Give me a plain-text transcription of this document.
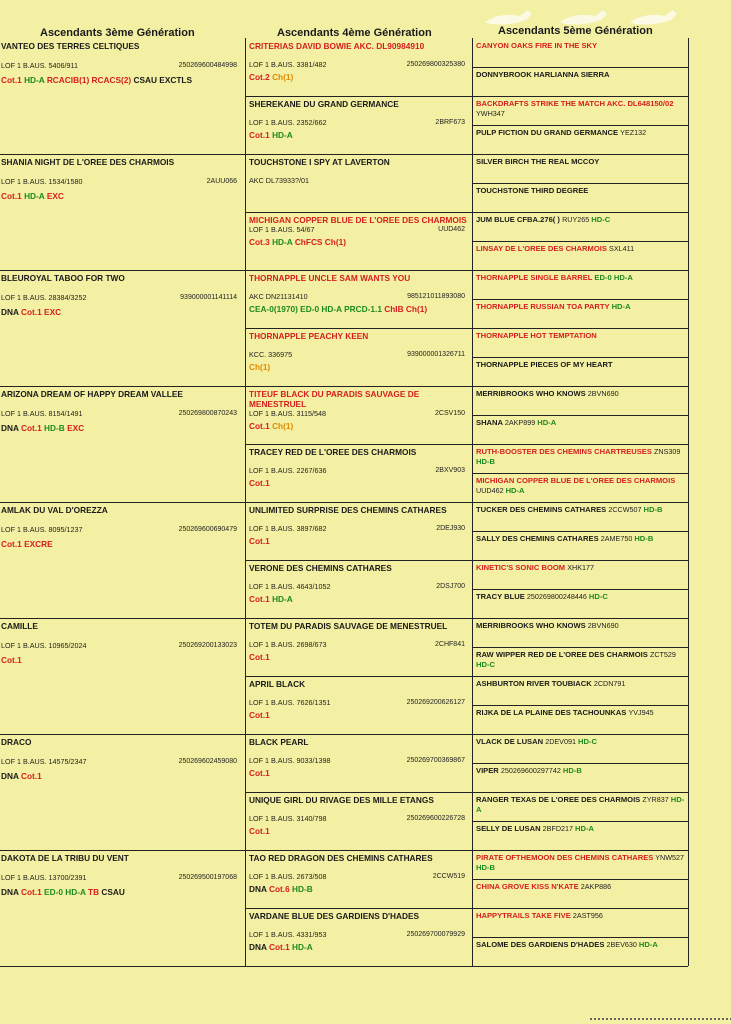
Ascendants 3ème Génération	Ascendants 4ème Génération	Ascendants 5ème Génération
VANTEO DES TERRES CELTIQUES
LOF 1 B.AUS. 5406/911	250269600484998
Cot.1 HD-A RCACIB(1) RCACS(2) CSAU EXCTLS
SHANIA NIGHT DE L'OREE DES CHARMOIS
LOF 1 B.AUS. 1534/1580	2AUU066
Cot.1 HD-A EXC
BLEUROYAL TABOO FOR TWO
LOF 1 B.AUS. 28384/3252	939000001141114
DNA Cot.1 EXC
ARIZONA DREAM OF HAPPY DREAM VALLEE
LOF 1 B.AUS. 8154/1491	250269800870243
DNA Cot.1 HD-B EXC
AMLAK DU VAL D'OREZZA
LOF 1 B.AUS. 8095/1237	250269600690479
Cot.1 EXCRE
CAMILLE
LOF 1 B.AUS. 10965/2024	250269200133023
Cot.1
DRACO
LOF 1 B.AUS. 14575/2347	250269602459080
DNA Cot.1
DAKOTA DE LA TRIBU DU VENT
LOF 1 B.AUS. 13700/2391	250269500197068
DNA Cot.1 ED-0 HD-A TB CSAU
CRITERIAS DAVID BOWIE AKC. DL90984910
LOF 1 B.AUS. 3381/482	250269800325380
Cot.2 Ch(1)
SHEREKANE DU GRAND GERMANCE
LOF 1 B.AUS. 2352/662	2BRF673
Cot.1 HD-A
TOUCHSTONE I SPY AT LAVERTON
AKC DL73933?/01
MICHIGAN COPPER BLUE DE L'OREE DES CHARMOIS
LOF 1 B.AUS. 54/67	UUD462
Cot.3 HD-A ChFCS Ch(1)
THORNAPPLE UNCLE SAM WANTS YOU
AKC DN21131410	985121011893080
CEA-0(1970) ED-0 HD-A PRCD-1.1 ChIB Ch(1)
THORNAPPLE PEACHY KEEN
KCC. 336975	939000001326711
Ch(1)
TITEUF BLACK DU PARADIS SAUVAGE DE MENESTRUEL
LOF 1 B.AUS. 3115/548	2CSV150
Cot.1 Ch(1)
TRACEY RED DE L'OREE DES CHARMOIS
LOF 1 B.AUS. 2267/636	2BXV903
Cot.1
UNLIMITED SURPRISE DES CHEMINS CATHARES
LOF 1 B.AUS. 3897/682	2DEJ930
Cot.1
VERONE DES CHEMINS CATHARES
LOF 1 B.AUS. 4643/1052	2DSJ700
Cot.1 HD-A
TOTEM DU PARADIS SAUVAGE DE MENESTRUEL
LOF 1 B.AUS. 2698/673	2CHF841
Cot.1
APRIL BLACK
LOF 1 B.AUS. 7626/1351	250269200626127
Cot.1
BLACK PEARL
LOF 1 B.AUS. 9033/1398	250269700369867
Cot.1
UNIQUE GIRL DU RIVAGE DES MILLE ETANGS
LOF 1 B.AUS. 3140/798	250269600226728
Cot.1
TAO RED DRAGON DES CHEMINS CATHARES
LOF 1 B.AUS. 2673/508	2CCW519
DNA Cot.6 HD-B
VARDANE BLUE DES GARDIENS D'HADES
LOF 1 B.AUS. 4331/953	250269700079929
DNA Cot.1 HD-A
CANYON OAKS FIRE IN THE SKY
DONNYBROOK HARLIANNA SIERRA
BACKDRAFTS STRIKE THE MATCH AKC. DL648150/02 YWH347
PULP FICTION DU GRAND GERMANCE YEZ132
SILVER BIRCH THE REAL MCCOY
TOUCHSTONE THIRD DEGREE
JUM BLUE CFBA.276( ) RUY265 HD-C
LINSAY DE L'OREE DES CHARMOIS SXL411
THORNAPPLE SINGLE BARREL ED-0 HD-A
THORNAPPLE RUSSIAN TOA PARTY HD-A
THORNAPPLE HOT TEMPTATION
THORNAPPLE PIECES OF MY HEART
MERRIBROOKS WHO KNOWS 2BVN690
SHANA 2AKP899 HD-A
RUTH-BOOSTER DES CHEMINS CHARTREUSES ZNS309 HD-B
MICHIGAN COPPER BLUE DE L'OREE DES CHARMOIS UUD462 HD-A
TUCKER DES CHEMINS CATHARES 2CCW507 HD-B
SALLY DES CHEMINS CATHARES 2AME750 HD-B
KINETIC'S SONIC BOOM XHK177
TRACY BLUE 250269800248446 HD-C
MERRIBROOKS WHO KNOWS 2BVN690
RAW WIPPER RED DE L'OREE DES CHARMOIS ZCT529 HD-C
ASHBURTON RIVER TOUBIACK 2CDN791
RIJKA DE LA PLAINE DES TACHOUNKAS YVJ945
VLACK DE LUSAN 2DEV091 HD-C
VIPER 250269600297742 HD-B
RANGER TEXAS DE L'OREE DES CHARMOIS ZYR837 HD-A
SELLY DE LUSAN 2BFD217 HD-A
PIRATE OFTHEMOON DES CHEMINS CATHARES YNW527 HD-B
CHINA GROVE KISS N'KATE 2AKP886
HAPPYTRAILS TAKE FIVE 2AST956
SALOME DES GARDIENS D'HADES 2BEV630 HD-A
